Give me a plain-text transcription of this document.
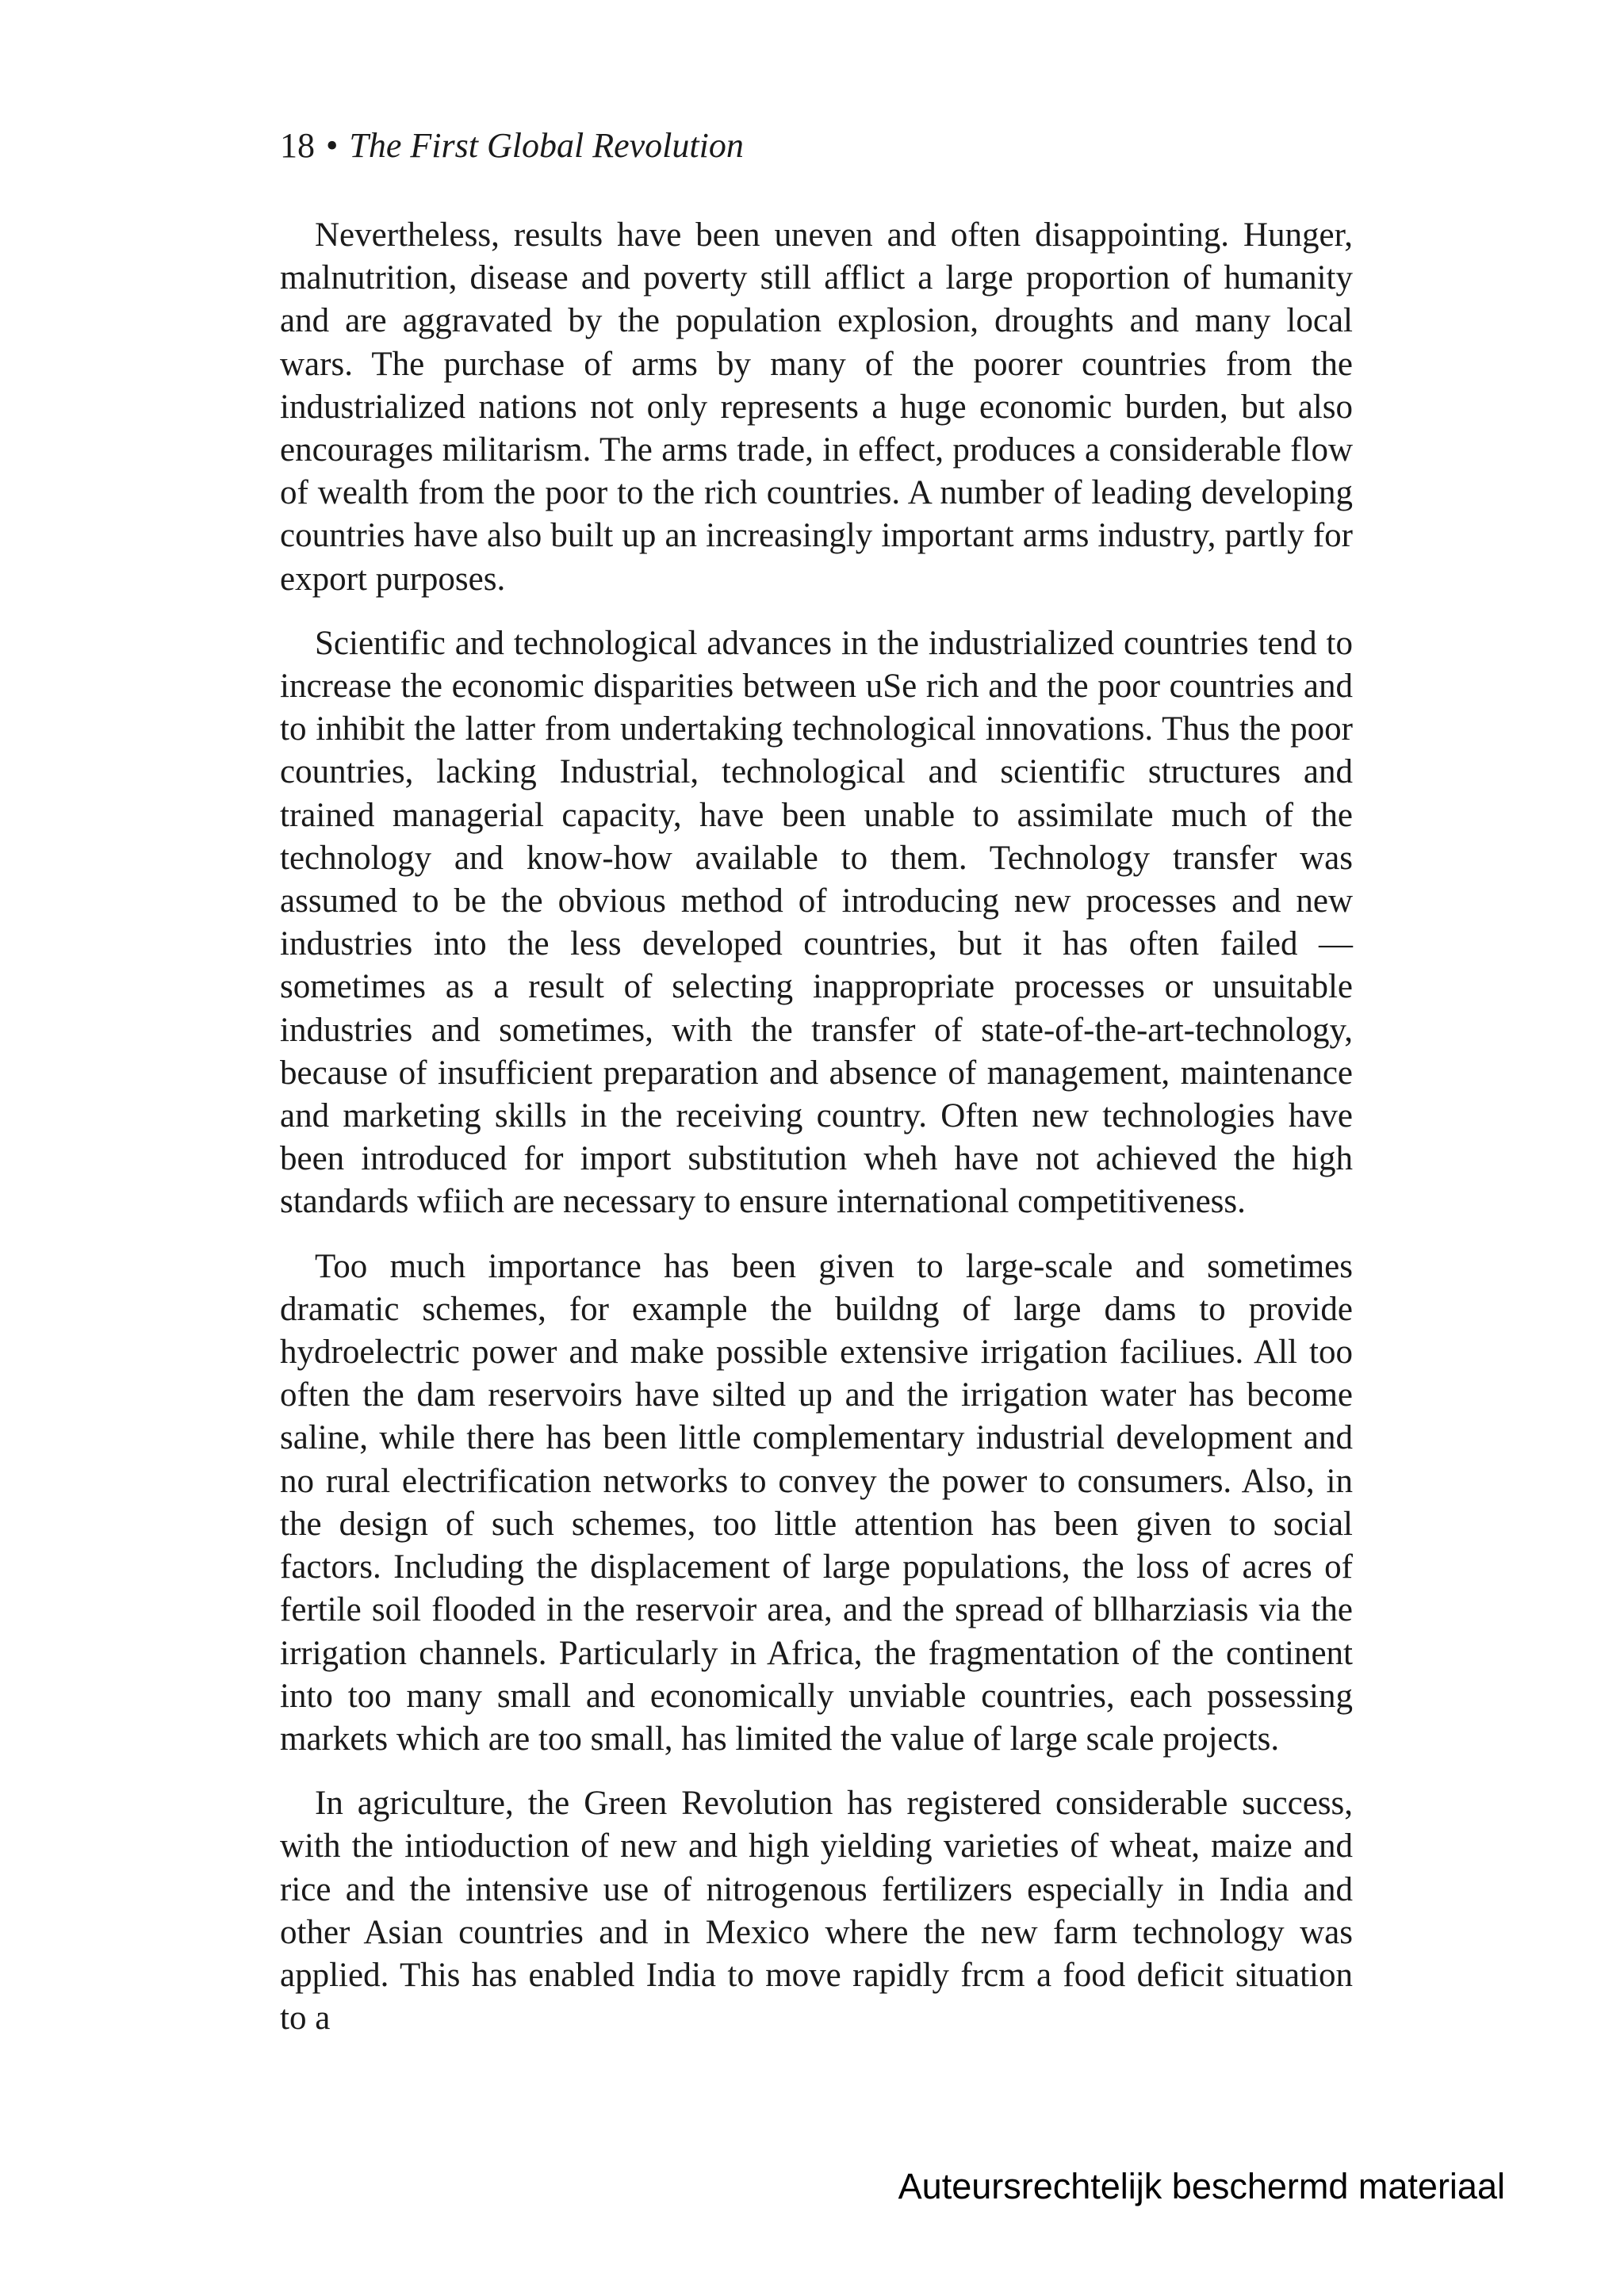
18 • The First Global Revolution

Nevertheless, results have been uneven and often disappointing. Hunger, malnutrition, disease and poverty still afflict a large proportion of humanity and are aggravated by the population explosion, droughts and many local wars. The purchase of arms by many of the poorer countries from the industrialized nations not only represents a huge economic burden, but also encourages militarism. The arms trade, in effect, produces a considerable flow of wealth from the poor to the rich countries. A number of leading developing countries have also built up an increasingly important arms industry, partly for export purposes.

Scientific and technological advances in the industrialized countries tend to increase the economic disparities between uSe rich and the poor countries and to inhibit the latter from undertaking technological innovations. Thus the poor countries, lacking Industrial, technological and scientific structures and trained managerial capacity, have been unable to assimilate much of the technology and know-how available to them. Technology transfer was assumed to be the obvious method of introducing new processes and new industries into the less developed countries, but it has often failed — sometimes as a result of selecting inappropriate processes or unsuitable industries and sometimes, with the transfer of state-of-the-art-technology, because of insufficient preparation and absence of management, maintenance and marketing skills in the receiving country. Often new technologies have been introduced for import substitution wheh have not achieved the high standards wfiich are necessary to ensure international competitiveness.

Too much importance has been given to large-scale and sometimes dramatic schemes, for example the buildng of large dams to provide hydroelectric power and make possible extensive irrigation faciliues. All too often the dam reservoirs have silted up and the irrigation water has become saline, while there has been little complementary industrial development and no rural electrification networks to convey the power to consumers. Also, in the design of such schemes, too little attention has been given to social factors. Including the displacement of large populations, the loss of acres of fertile soil flooded in the reservoir area, and the spread of bllharziasis via the irrigation channels. Particularly in Africa, the fragmentation of the continent into too many small and economically unviable countries, each possessing markets which are too small, has limited the value of large scale projects.

In agriculture, the Green Revolution has registered considerable success, with the intioduction of new and high yielding varieties of wheat, maize and rice and the intensive use of nitrogenous fertilizers especially in India and other Asian countries and in Mexico where the new farm technology was applied. This has enabled India to move rapidly frcm a food deficit situation to a

Auteursrechtelijk beschermd materiaal
